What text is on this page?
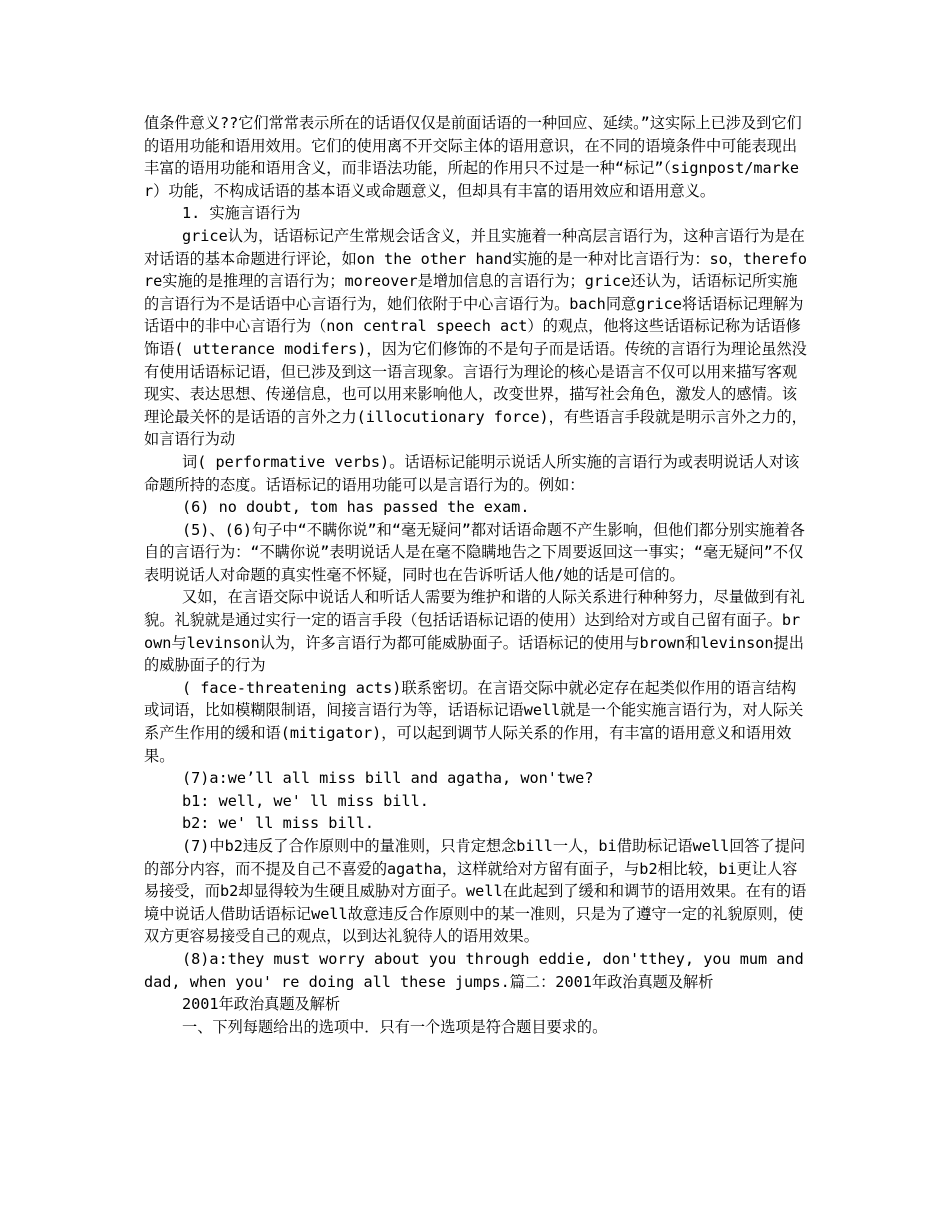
值条件意义??它们常常表示所在的话语仅仅是前面话语的一种回应、延续。”这实际上已涉及到它们的语用功能和语用效用。它们的使用离不开交际主体的语用意识，在不同的语境条件中可能表现出丰富的语用功能和语用含义，而非语法功能，所起的作用只不过是一种“标记”（signpost/marker）功能，不构成话语的基本语义或命题意义，但却具有丰富的语用效应和语用意义。

1. 实施言语行为

grice认为，话语标记产生常规会话含义，并且实施着一种高层言语行为，这种言语行为是在对话语的基本命题进行评论，如on the other hand实施的是一种对比言语行为：so，therefore实施的是推理的言语行为；moreover是增加信息的言语行为；grice还认为，话语标记所实施的言语行为不是话语中心言语行为，她们依附于中心言语行为。bach同意grice将话语标记理解为话语中的非中心言语行为（non central speech act）的观点，他将这些话语标记称为话语修饰语( utterance modifers)，因为它们修饰的不是句子而是话语。传统的言语行为理论虽然没有使用话语标记语，但已涉及到这一语言现象。言语行为理论的核心是语言不仅可以用来描写客观现实、表达思想、传递信息，也可以用来影响他人，改变世界，描写社会角色，激发人的感情。该理论最关怀的是话语的言外之力(illocutionary force)，有些语言手段就是明示言外之力的，如言语行为动

词( performative verbs)。话语标记能明示说话人所实施的言语行为或表明说话人对该命题所持的态度。话语标记的语用功能可以是言语行为的。例如：

(6) no doubt, tom has passed the exam.

(5)、(6)句子中“不瞒你说”和“毫无疑问”都对话语命题不产生影响，但他们都分别实施着各自的言语行为：“不瞒你说”表明说话人是在毫不隐瞒地告之下周要返回这一事实；“毫无疑问”不仅表明说话人对命题的真实性毫不怀疑，同时也在告诉听话人他/她的话是可信的。

又如，在言语交际中说话人和听话人需要为维护和谐的人际关系进行种种努力，尽量做到有礼貌。礼貌就是通过实行一定的语言手段（包括话语标记语的使用）达到给对方或自己留有面子。brown与levinson认为，许多言语行为都可能威胁面子。话语标记的使用与brown和levinson提出的威胁面子的行为

( face-threatening acts)联系密切。在言语交际中就必定存在起类似作用的语言结构或词语，比如模糊限制语，间接言语行为等，话语标记语well就是一个能实施言语行为，对人际关系产生作用的缓和语(mitigator)，可以起到调节人际关系的作用，有丰富的语用意义和语用效果。

(7)a:we’ll all miss bill and agatha, won'twe?

b1: well, we' ll miss bill.

b2: we' ll miss bill.

(7)中b2违反了合作原则中的量准则，只肯定想念bill一人，bi借助标记语well回答了提问的部分内容，而不提及自己不喜爱的agatha，这样就给对方留有面子，与b2相比较，bi更让人容易接受，而b2却显得较为生硬且威胁对方面子。well在此起到了缓和和调节的语用效果。在有的语境中说话人借助话语标记well故意违反合作原则中的某一准则，只是为了遵守一定的礼貌原则，使双方更容易接受自己的观点，以到达礼貌待人的语用效果。

(8)a:they must worry about you through eddie, don'tthey, you mum and dad, when you' re doing all these jumps.篇二：2001年政治真题及解析

2001年政治真题及解析

一、下列每题给出的选项中．只有一个选项是符合题目要求的。
